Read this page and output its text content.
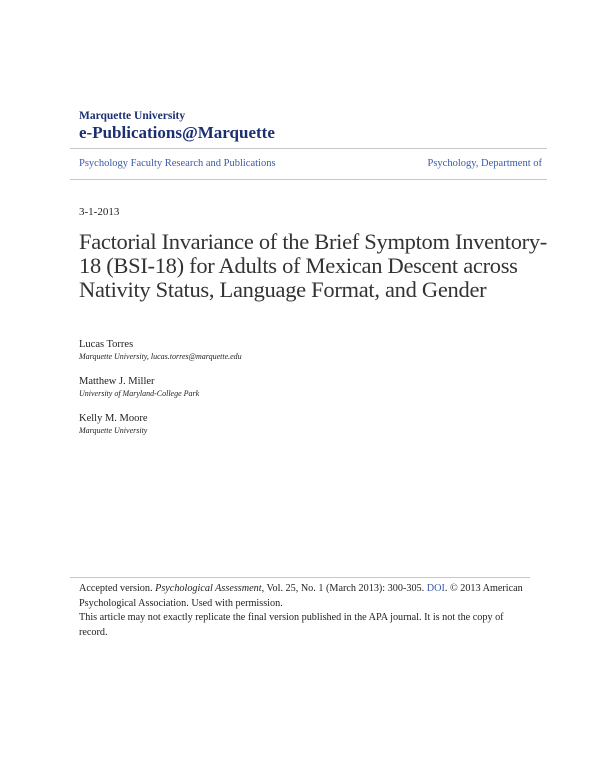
Marquette University
e-Publications@Marquette
Psychology Faculty Research and Publications	Psychology, Department of
3-1-2013
Factorial Invariance of the Brief Symptom Inventory-18 (BSI-18) for Adults of Mexican Descent across Nativity Status, Language Format, and Gender
Lucas Torres
Marquette University, lucas.torres@marquette.edu
Matthew J. Miller
University of Maryland-College Park
Kelly M. Moore
Marquette University
Accepted version. Psychological Assessment, Vol. 25, No. 1 (March 2013): 300-305. DOI. © 2013 American Psychological Association. Used with permission.
This article may not exactly replicate the final version published in the APA journal. It is not the copy of record.
